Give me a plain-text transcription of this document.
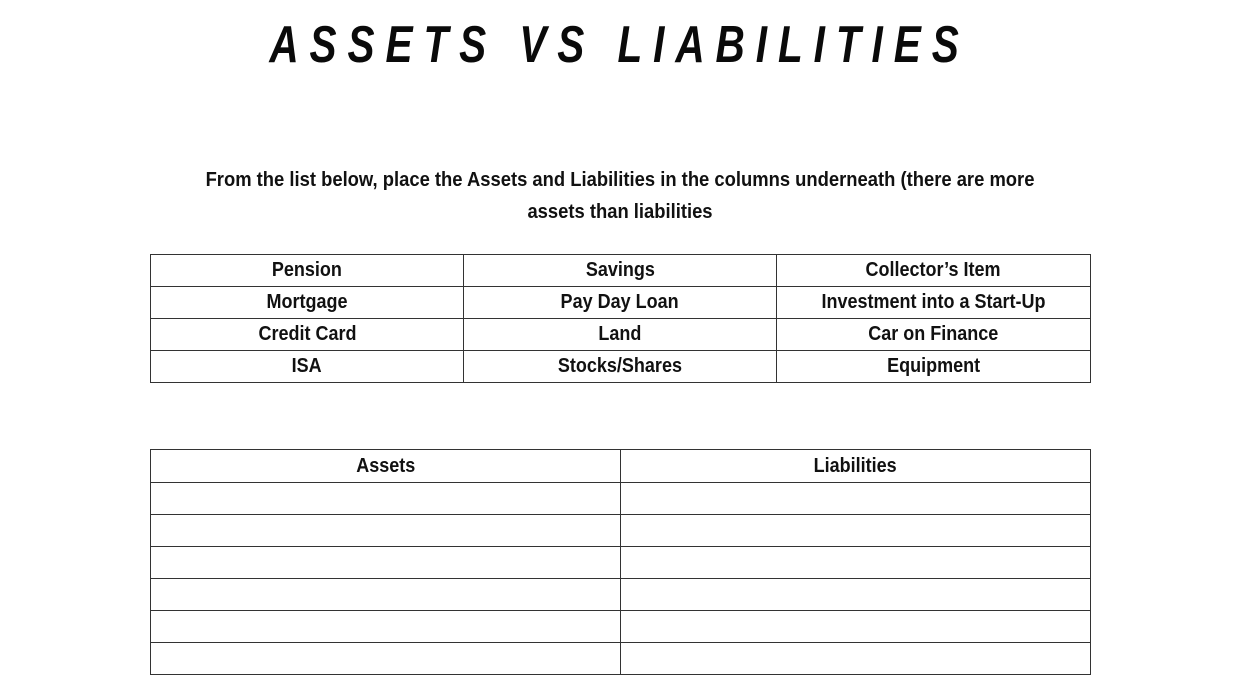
ASSETS VS LIABILITIES
From the list below, place the Assets and Liabilities in the columns underneath (there are more assets than liabilities
Pension	Savings	Collector’s Item
Mortgage	Pay Day Loan	Investment into a Start-Up
Credit Card	Land	Car on Finance
ISA	Stocks/Shares	Equipment
Assets	Liabilities
